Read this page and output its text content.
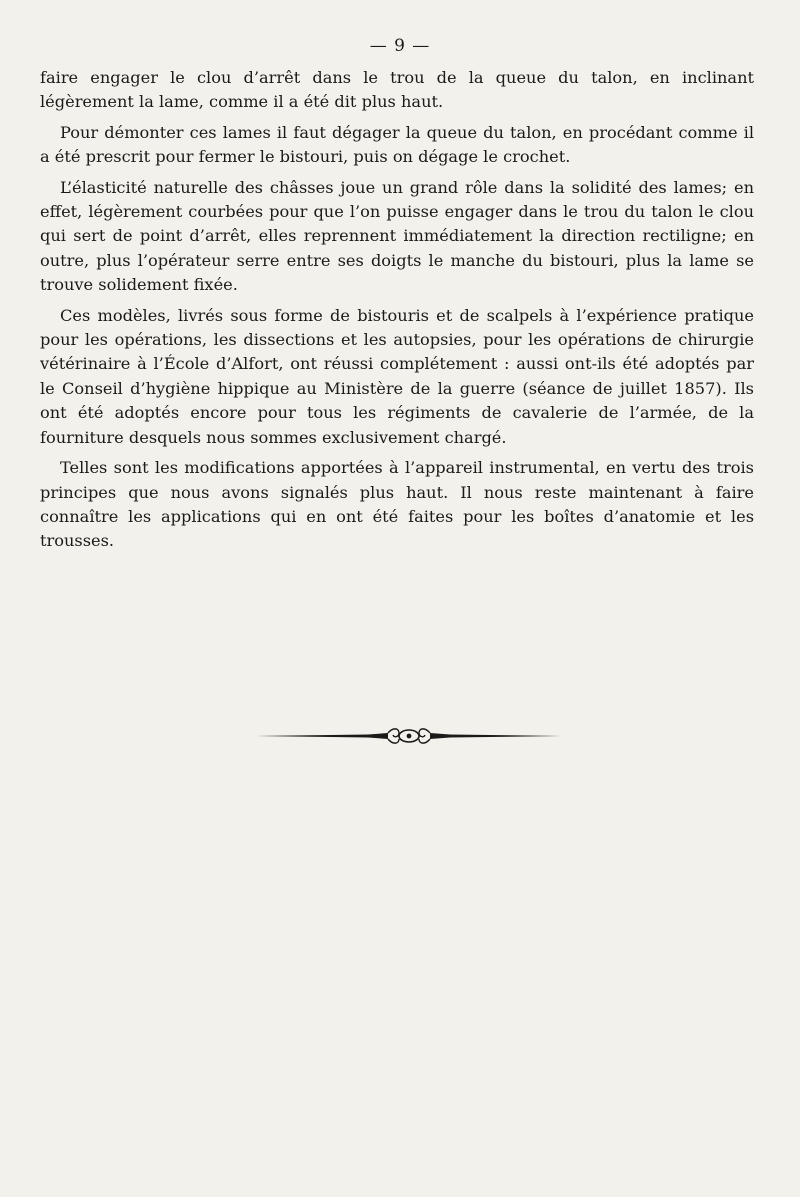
— 9 —

faire engager le clou d’arrêt dans le trou de la queue du talon, en inclinant légèrement la lame, comme il a été dit plus haut.

Pour démonter ces lames il faut dégager la queue du talon, en procédant comme il a été prescrit pour fermer le bistouri, puis on dégage le crochet.

L’élasticité naturelle des châsses joue un grand rôle dans la solidité des lames; en effet, légèrement courbées pour que l’on puisse engager dans le trou du talon le clou qui sert de point d’arrêt, elles reprennent immédiatement la direction rectiligne; en outre, plus l’opérateur serre entre ses doigts le manche du bistouri, plus la lame se trouve solidement fixée.

Ces modèles, livrés sous forme de bistouris et de scalpels à l’expérience pratique pour les opérations, les dissections et les autopsies, pour les opérations de chirurgie vétérinaire à l’École d’Alfort, ont réussi complétement : aussi ont-ils été adoptés par le Conseil d’hygiène hippique au Ministère de la guerre (séance de juillet 1857). Ils ont été adoptés encore pour tous les régiments de cavalerie de l’armée, de la fourniture desquels nous sommes exclusivement chargé.

Telles sont les modifications apportées à l’appareil instrumental, en vertu des trois principes que nous avons signalés plus haut. Il nous reste maintenant à faire connaître les applications qui en ont été faites pour les boîtes d’anatomie et les trousses.
